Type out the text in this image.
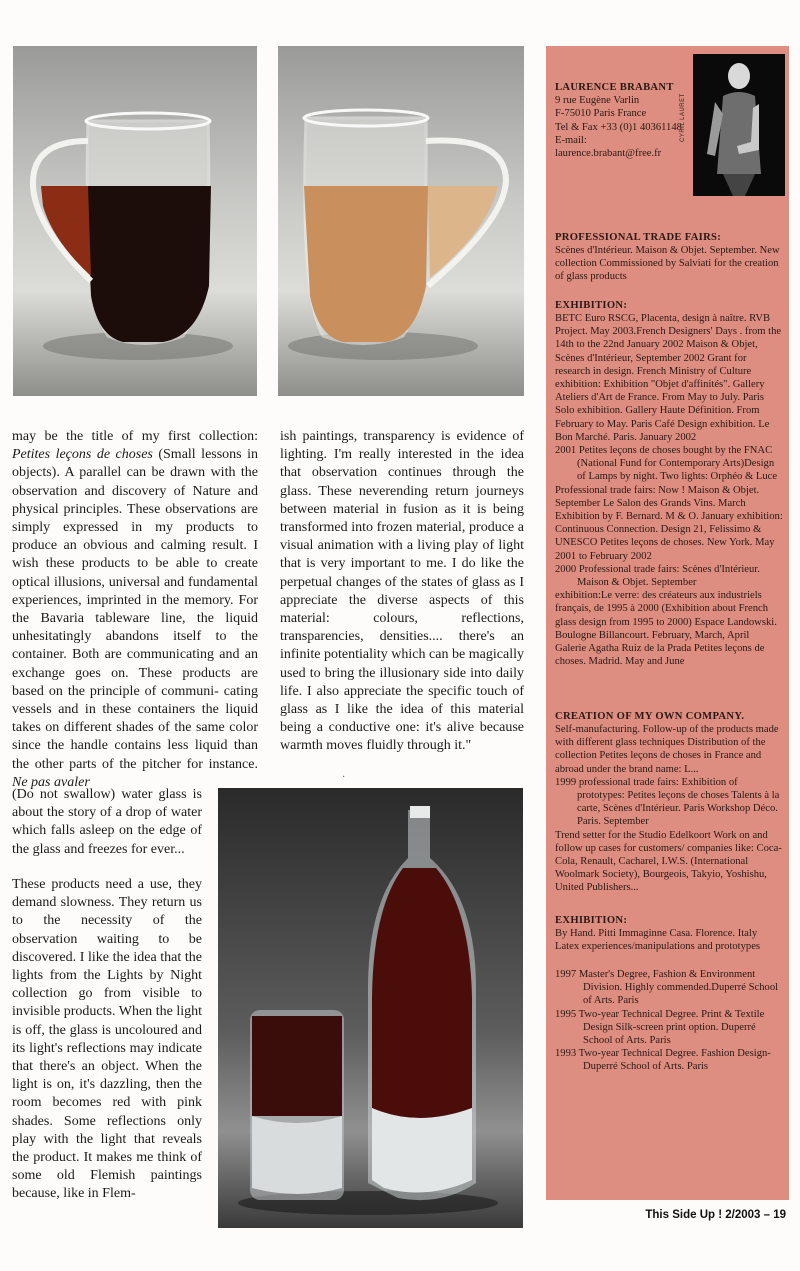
may be the title of my first collection: Petites leçons de choses (Small lessons in objects). A parallel can be drawn with the observation and discovery of Nature and physical principles. These observations are simply expressed in my products to produce an obvious and calming result. I wish these products to be able to create optical illusions, universal and fundamental experiences, imprinted in the memory. For the Bavaria tableware line, the liquid unhesitatingly abandons itself to the container. Both are communicating and an exchange goes on. These products are based on the principle of communi- cating vessels and in these containers the liquid takes on different shades of the same color since the handle contains less liquid than the other parts of the pitcher for instance. Ne pas avaler

(Do not swallow) water glass is about the story of a drop of water which falls asleep on the edge of the glass and freezes for ever...

These products need a use, they demand slowness. They return us to the necessity of the observation waiting to be discovered. I like the idea that the lights from the Lights by Night collection go from visible to invisible products. When the light is off, the glass is uncoloured and its light's reflections may indicate that there's an object. When the light is on, it's dazzling, then the room becomes red with pink shades. Some reflections only play with the light that reveals the product. It makes me think of some old Flemish paintings because, like in Flem-

ish paintings, transparency is evidence of lighting. I'm really interested in the idea that observation continues through the glass. These neverending return journeys between material in fusion as it is being transformed into frozen material, produce a visual animation with a living play of light that is very important to me. I do like the perpetual changes of the states of glass as I appreciate the diverse aspects of this material: colours, reflections, transparencies, densities.... there's an infinite potentiality which can be magically used to bring the illusionary side into daily life. I also appreciate the specific touch of glass as I like the idea of this material being a conductive one: it's alive because warmth moves fluidly through it."

·
CYRIL LAURET

LAURENCE BRABANT

9 rue Eugène Varlin

F-75010 Paris France

Tel & Fax +33 (0)1 40361148

E-mail: laurence.brabant@free.fr

PROFESSIONAL TRADE FAIRS:

Scènes d'Intérieur. Maison & Objet. September. New collection Commissioned by Salviati for the creation of glass products

EXHIBITION:

BETC Euro RSCG, Placenta, design à naître. RVB Project. May 2003.French Designers' Days . from the 14th to the 22nd January 2002 Maison & Objet, Scènes d'Intérieur, September 2002 Grant for research in design. French Ministry of Culture exhibition: Exhibition "Objet d'affinités". Gallery Ateliers d'Art de France. From May to July. Paris Solo exhibition. Gallery Haute Définition. From February to May. Paris Café Design exhibition. Le Bon Marché. Paris. January 2002

2001 Petites leçons de choses bought by the FNAC (National Fund for Contemporary Arts)Design of Lamps by night. Two lights: Orphéo & Luce

Professional trade fairs: Now ! Maison & Objet. September Le Salon des Grands Vins. March Exhibition by F. Bernard. M & O. January exhibition: Continuous Connection. Design 21, Felissimo & UNESCO Petites leçons de choses. New York. May 2001 to February 2002

2000 Professional trade fairs: Scènes d'Intérieur. Maison & Objet. September

exhibition:Le verre: des créateurs aux industriels français, de 1995 à 2000 (Exhibition about French glass design from 1995 to 2000) Espace Landowski. Boulogne Billancourt. February, March, April Galerie Agatha Ruiz de la Prada Petites leçons de choses. Madrid. May and June

CREATION OF MY OWN COMPANY.

Self-manufacturing. Follow-up of the products made with different glass techniques Distribution of the collection Petites leçons de choses in France and abroad under the brand name: L...

1999 professional trade fairs: Exhibition of prototypes: Petites leçons de choses Talents à la carte, Scènes d'Intérieur. Paris Workshop Déco. Paris. September

Trend setter for the Studio Edelkoort Work on and follow up cases for customers/ companies like: Coca-Cola, Renault, Cacharel, I.W.S. (International Woolmark Society), Bourgeois, Takyio, Yoshishu, United Publishers...

EXHIBITION:

By Hand. Pitti Immaginne Casa. Florence. Italy Latex experiences/manipulations and prototypes

1997 Master's Degree, Fashion & Environment Division. Highly commended.Duperré School of Arts. Paris

1995 Two-year Technical Degree. Print & Textile Design Silk-screen print option. Duperré School of Arts. Paris

1993 Two-year Technical Degree. Fashion Design- Duperré School of Arts. Paris

This Side Up ! 2/2003 – 19
